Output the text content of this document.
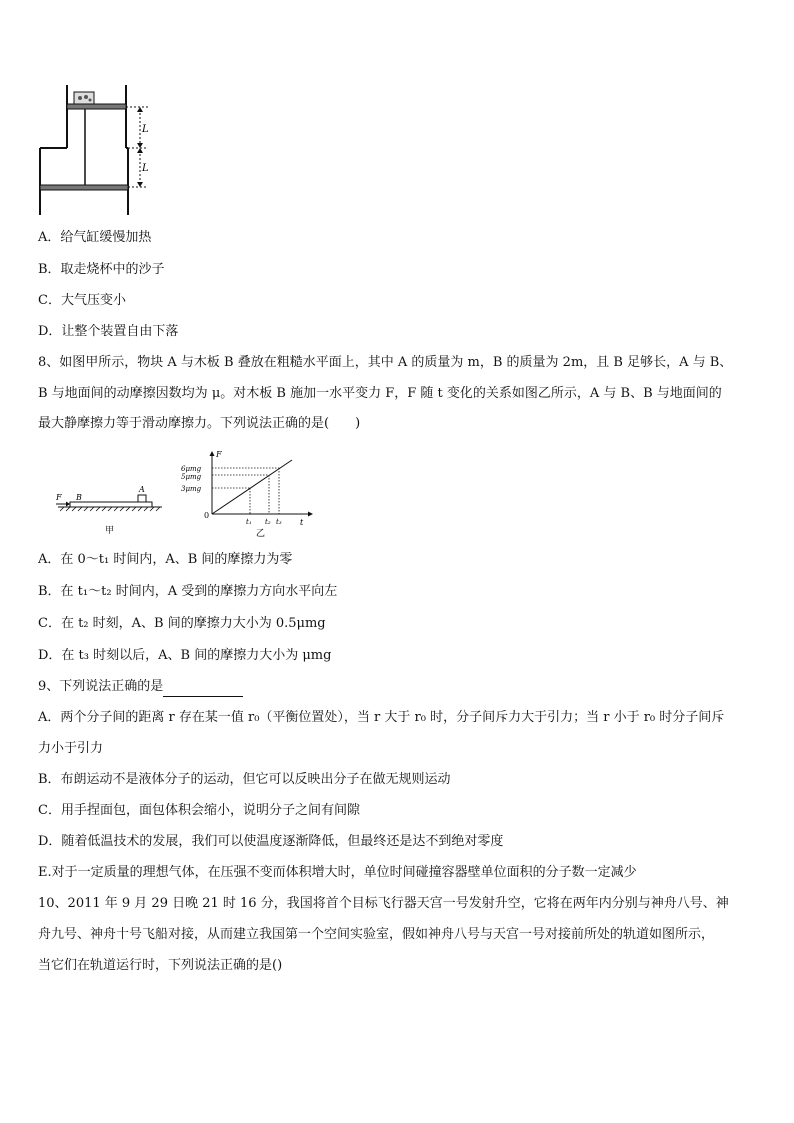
L
L
A．给气缸缓慢加热
B．取走烧杯中的沙子
C．大气压变小
D．让整个装置自由下落
8、如图甲所示，物块 A 与木板 B 叠放在粗糙水平面上，其中 A 的质量为 m，B 的质量为 2m，且 B 足够长，A 与 B、
B 与地面间的动摩擦因数均为 μ。对木板 B 施加一水平变力 F，F 随 t 变化的关系如图乙所示，A 与 B、B 与地面间的
最大静摩擦力等于滑动摩擦力。下列说法正确的是(　　)
F B
A
甲
F
t
0
6μmg
5μmg
3μmg
t₁ t₂ t₃
乙
A．在 0～t₁ 时间内，A、B 间的摩擦力为零
B．在 t₁～t₂ 时间内，A 受到的摩擦力方向水平向左
C．在 t₂ 时刻，A、B 间的摩擦力大小为 0.5μmg
D．在 t₃ 时刻以后，A、B 间的摩擦力大小为 μmg
9、下列说法正确的是
A．两个分子间的距离 r 存在某一值 r₀（平衡位置处），当 r 大于 r₀ 时，分子间斥力大于引力；当 r 小于 r₀ 时分子间斥
力小于引力
B．布朗运动不是液体分子的运动，但它可以反映出分子在做无规则运动
C．用手捏面包，面包体积会缩小，说明分子之间有间隙
D．随着低温技术的发展，我们可以使温度逐渐降低，但最终还是达不到绝对零度
E.对于一定质量的理想气体，在压强不变而体积增大时，单位时间碰撞容器壁单位面积的分子数一定减少
10、2011 年 9 月 29 日晚 21 时 16 分，我国将首个目标飞行器天宫一号发射升空，它将在两年内分别与神舟八号、神
舟九号、神舟十号飞船对接，从而建立我国第一个空间实验室，假如神舟八号与天宫一号对接前所处的轨道如图所示，
当它们在轨道运行时，下列说法正确的是()
